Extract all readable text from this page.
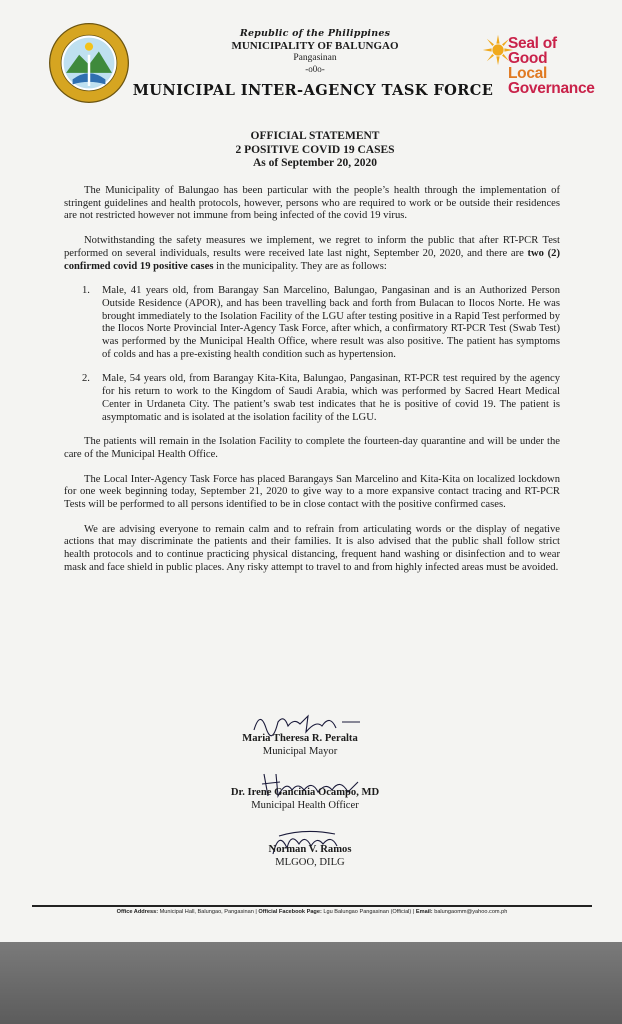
Republic of the Philippines
MUNICIPALITY OF BALUNGAO
Pangasinan
-o0o-
MUNICIPAL INTER-AGENCY TASK FORCE
Seal of
Good
Local
Governance
OFFICIAL STATEMENT
2 POSITIVE COVID 19 CASES
As of September 20, 2020

The Municipality of Balungao has been particular with the people’s health through the implementation of stringent guidelines and health protocols, however, persons who are required to work or be outside their residences are not restricted however not immune from being infected of the covid 19 virus.

Notwithstanding the safety measures we implement, we regret to inform the public that after RT-PCR Test performed on several individuals, results were received late last night, September 20, 2020, and there are two (2) confirmed covid 19 positive cases in the municipality. They are as follows:

1.	Male, 41 years old, from Barangay San Marcelino, Balungao, Pangasinan and is an Authorized Person Outside Residence (APOR), and has been travelling back and forth from Bulacan to Ilocos Norte. He was brought immediately to the Isolation Facility of the LGU after testing positive in a Rapid Test performed by the Ilocos Norte Provincial Inter-Agency Task Force, after which, a confirmatory RT-PCR Test (Swab Test) was performed by the Municipal Health Office, where result was also positive. The patient has symptoms of colds and has a pre-existing health condition such as hypertension.
2.	Male, 54 years old, from Barangay Kita-Kita, Balungao, Pangasinan, RT-PCR test required by the agency for his return to work to the Kingdom of Saudi Arabia, which was performed by Sacred Heart Medical Center in Urdaneta City. The patient’s swab test indicates that he is positive of covid 19. The patient is asymptomatic and is isolated at the isolation facility of the LGU.

The patients will remain in the Isolation Facility to complete the fourteen-day quarantine and will be under the care of the Municipal Health Office.

The Local Inter-Agency Task Force has placed Barangays San Marcelino and Kita-Kita on localized lockdown for one week beginning today, September 21, 2020 to give way to a more expansive contact tracing and RT-PCR Tests will be performed to all persons identified to be in close contact with the positive confirmed cases.

We are advising everyone to remain calm and to refrain from articulating words or the display of negative actions that may discriminate the patients and their families. It is also advised that the public shall follow strict health protocols and to continue practicing physical distancing, frequent hand washing or disinfection and to wear mask and face shield in public places. Any risky attempt to travel to and from highly infected areas must be avoided.

Maria Theresa R. Peralta
Municipal Mayor
Dr. Irene Gancinia Ocampo, MD
Municipal Health Officer
Norman V. Ramos
MLGOO, DILG
Office Address: Municipal Hall, Balungao, Pangasinan | Official Facebook Page: Lgu Balungao Pangasinan (Official) | Email: balungaomm@yahoo.com.ph
